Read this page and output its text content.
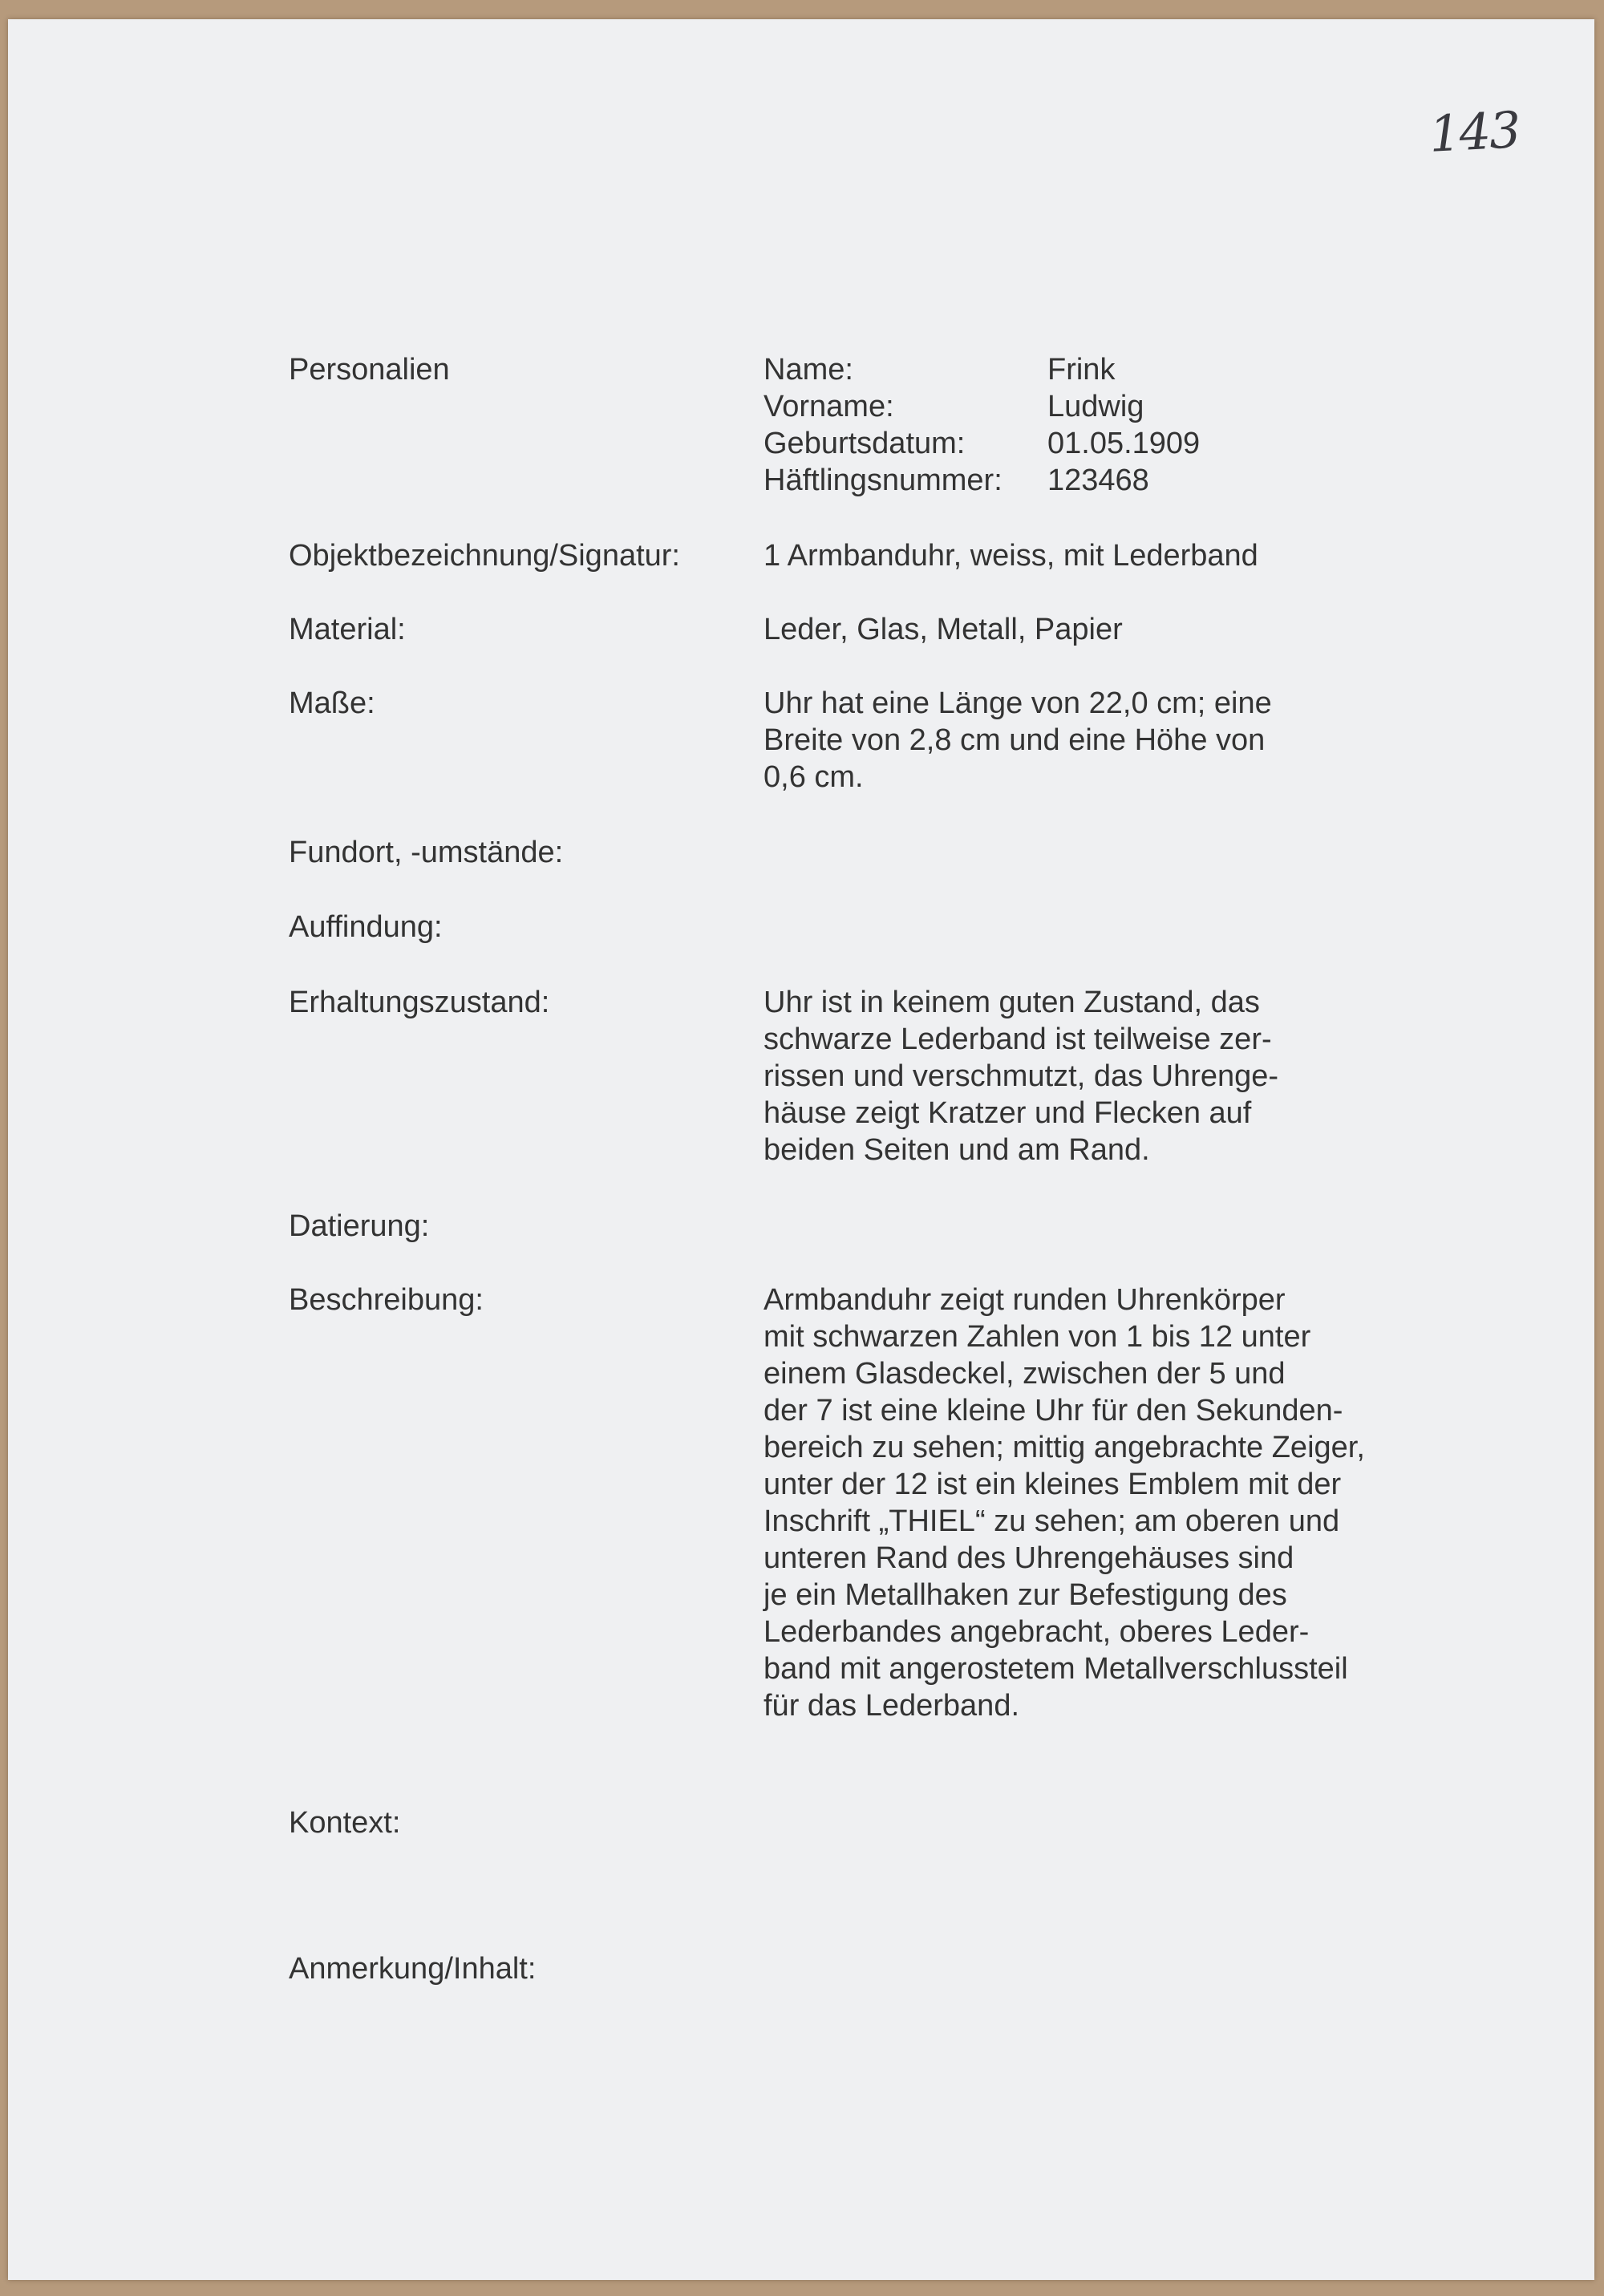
143
Personalien	Name:	Frink
Vorname:	Ludwig
Geburtsdatum:	01.05.1909
Häftlingsnummer: 123468
Objektbezeichnung/Signatur:	1 Armbanduhr, weiss, mit Lederband

Material:	Leder, Glas, Metall, Papier

Maße:	Uhr hat eine Länge von 22,0 cm; eine

Breite von 2,8 cm und eine Höhe von

0,6 cm.

Fundort, -umstände:
Auffindung:
Erhaltungszustand:	Uhr ist in keinem guten Zustand, das

schwarze Lederband ist teilweise zer-

rissen und verschmutzt, das Uhrenge-

häuse zeigt Kratzer und Flecken auf

beiden Seiten und am Rand.

Datierung:
Beschreibung:	Armbanduhr zeigt runden Uhrenkörper

mit schwarzen Zahlen von 1 bis 12 unter

einem Glasdeckel, zwischen der 5 und

der 7 ist eine kleine Uhr für den Sekunden-

bereich zu sehen; mittig angebrachte Zeiger,

unter der 12 ist ein kleines Emblem mit der

Inschrift „THIEL“ zu sehen; am oberen und

unteren Rand des Uhrengehäuses sind

je ein Metallhaken zur Befestigung des

Lederbandes angebracht, oberes Leder-

band mit angerostetem Metallverschlussteil

für das Lederband.

Kontext:
Anmerkung/Inhalt:
